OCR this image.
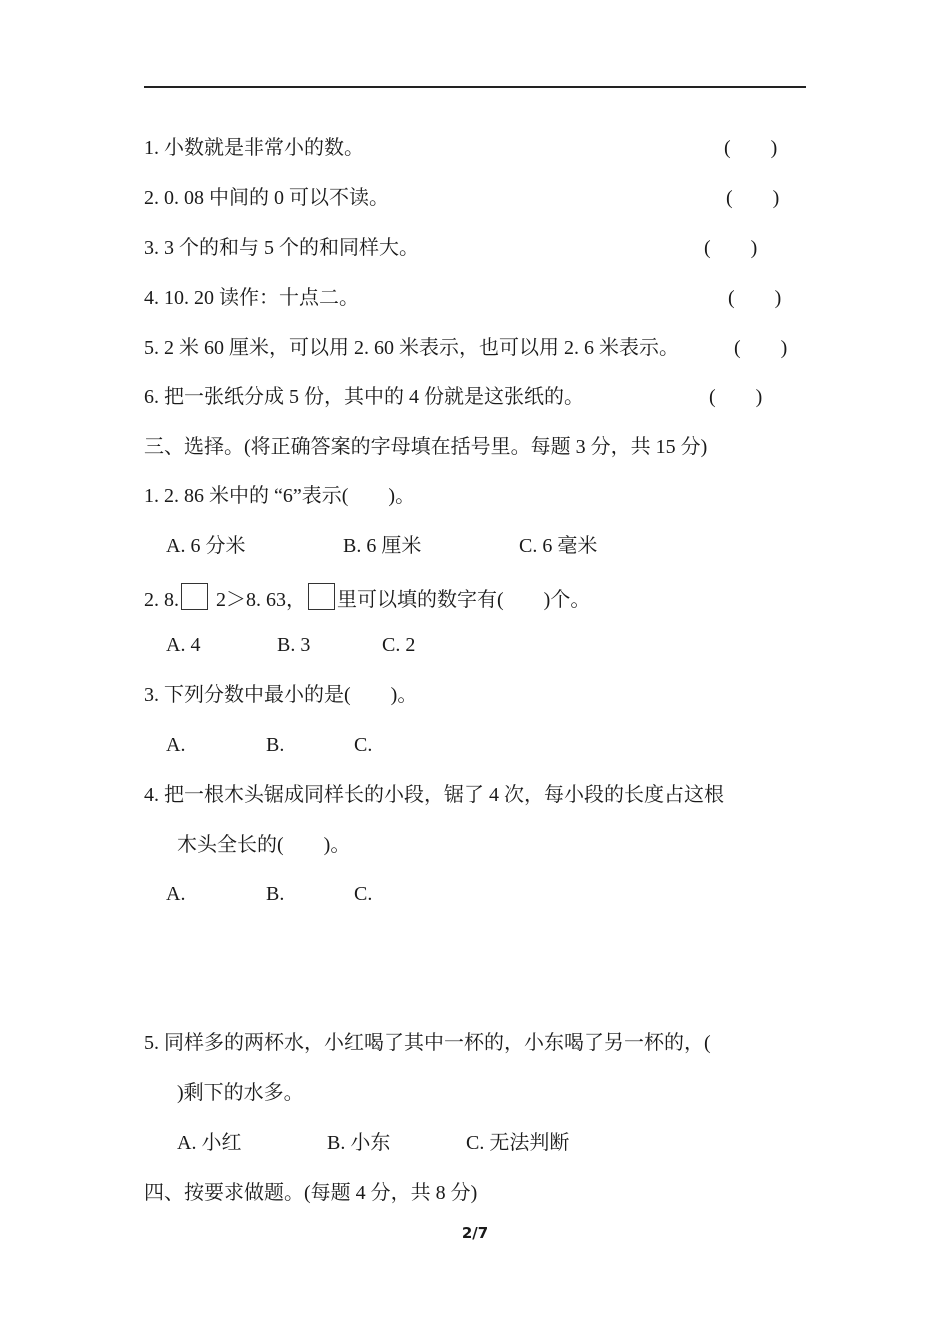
1. 小数就是非常小的数。	(　　)
2. 0. 08 中间的 0 可以不读。	(　　)
3. 3 个的和与 5 个的和同样大。	(　　)
4. 10. 20 读作：十点二。	(　　)
5. 2 米 60 厘米，可以用 2. 60 米表示，也可以用 2. 6 米表示。	(　　)
6. 把一张纸分成 5 份，其中的 4 份就是这张纸的。	(　　)
三、选择。(将正确答案的字母填在括号里。每题 3 分，共 15 分)
1. 2. 86 米中的 “6”表示(　　)。
A. 6 分米	B. 6 厘米	C. 6 毫米
2. 8. 2＞8. 63， 里可以填的数字有(　　)个。
A. 4	B. 3	C. 2
3. 下列分数中最小的是(　　)。
A.	B.	C.
4. 把一根木头锯成同样长的小段，锯了 4 次，每小段的长度占这根
木头全长的(　　)。
A.	B.	C.
5. 同样多的两杯水，小红喝了其中一杯的，小东喝了另一杯的，(
)剩下的水多。
A. 小红	B. 小东	C. 无法判断
四、按要求做题。(每题 4 分，共 8 分)
2/7
